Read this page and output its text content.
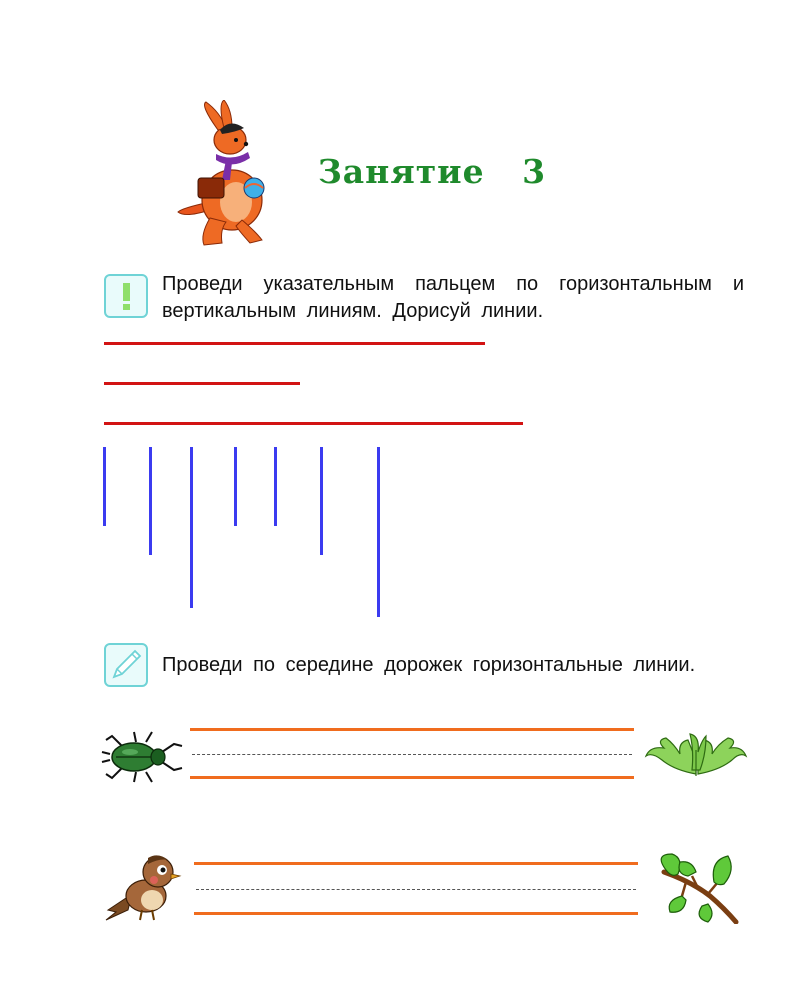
Занятие   3
Проведи указательным пальцем по горизонтальным и вертикальным линиям. Дорисуй линии.
Проведи по середине дорожек горизонтальные линии.
